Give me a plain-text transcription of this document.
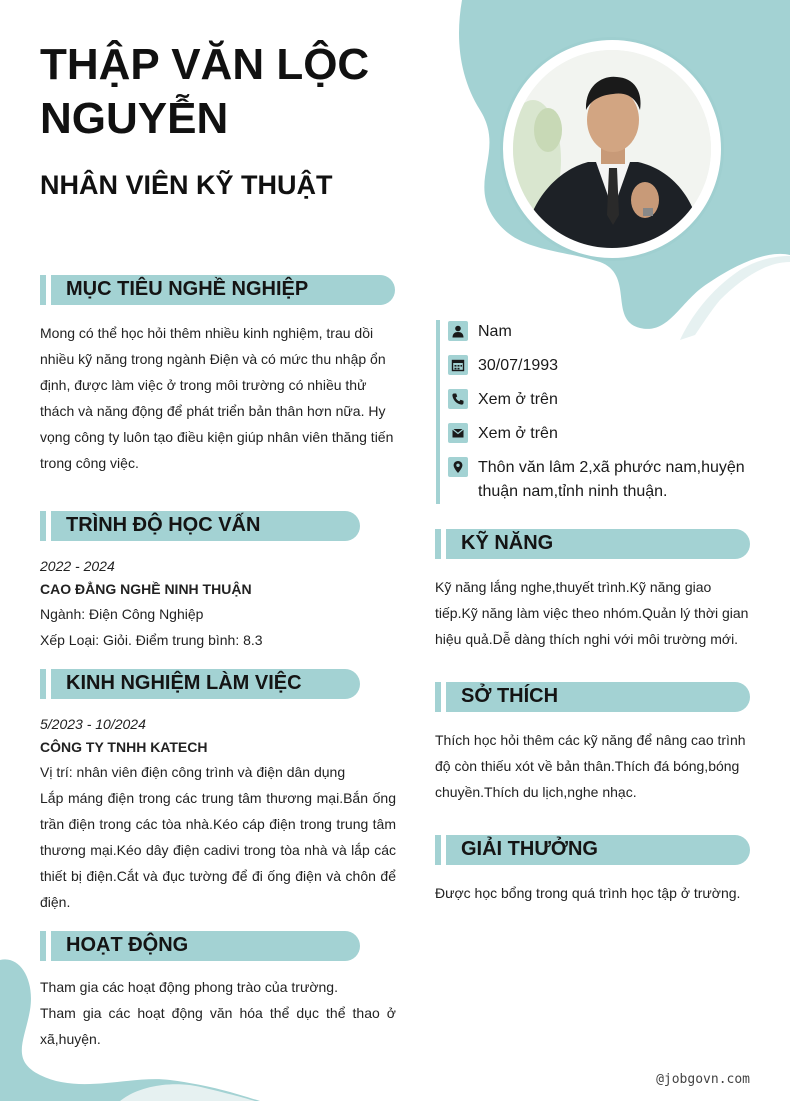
THẬP VĂN LỘC
NGUYỄN
NHÂN VIÊN KỸ THUẬT
MỤC TIÊU NGHỀ NGHIỆP
Mong có thể học hỏi thêm nhiều kinh nghiệm, trau dồi nhiều kỹ năng trong ngành Điện và có mức thu nhập ổn định, được làm việc ở trong môi trường có nhiều thử thách và năng động để phát triển bản thân hơn nữa. Hy vọng công ty luôn tạo điều kiện giúp nhân viên thăng tiến trong công việc.
TRÌNH ĐỘ HỌC VẤN
2022 - 2024
CAO ĐẲNG NGHỀ NINH THUẬN
Ngành: Điện Công Nghiệp
Xếp Loại: Giỏi. Điểm trung bình: 8.3
KINH NGHIỆM LÀM VIỆC
5/2023 - 10/2024
CÔNG TY TNHH KATECH
Vị trí: nhân viên điện công trình và điện dân dụng
Lắp máng điện trong các trung tâm thương mại.Bắn ống trần điện trong các tòa nhà.Kéo cáp điện trong trung tâm thương mại.Kéo dây điện cadivi trong tòa nhà và lắp các thiết bị điện.Cắt và đục tường để đi ống điện và chôn để điện.
HOẠT ĐỘNG
Tham gia các hoạt động phong trào của trường.
Tham gia các hoạt động văn hóa thể dục thể thao ở xã,huyện.
Nam
30/07/1993
Xem ở trên
Xem ở trên
Thôn văn lâm 2,xã phước nam,huyện thuận nam,tỉnh ninh thuận.
KỸ NĂNG
Kỹ năng lắng nghe,thuyết trình.Kỹ năng giao tiếp.Kỹ năng làm việc theo nhóm.Quản lý thời gian hiệu quả.Dễ dàng thích nghi với môi trường mới.
SỞ THÍCH
Thích học hỏi thêm các kỹ năng để nâng cao trình độ còn thiếu xót về bản thân.Thích đá bóng,bóng chuyền.Thích du lịch,nghe nhạc.
GIẢI THƯỞNG
Được học bổng trong quá trình học tập ở trường.
@jobgovn.com
